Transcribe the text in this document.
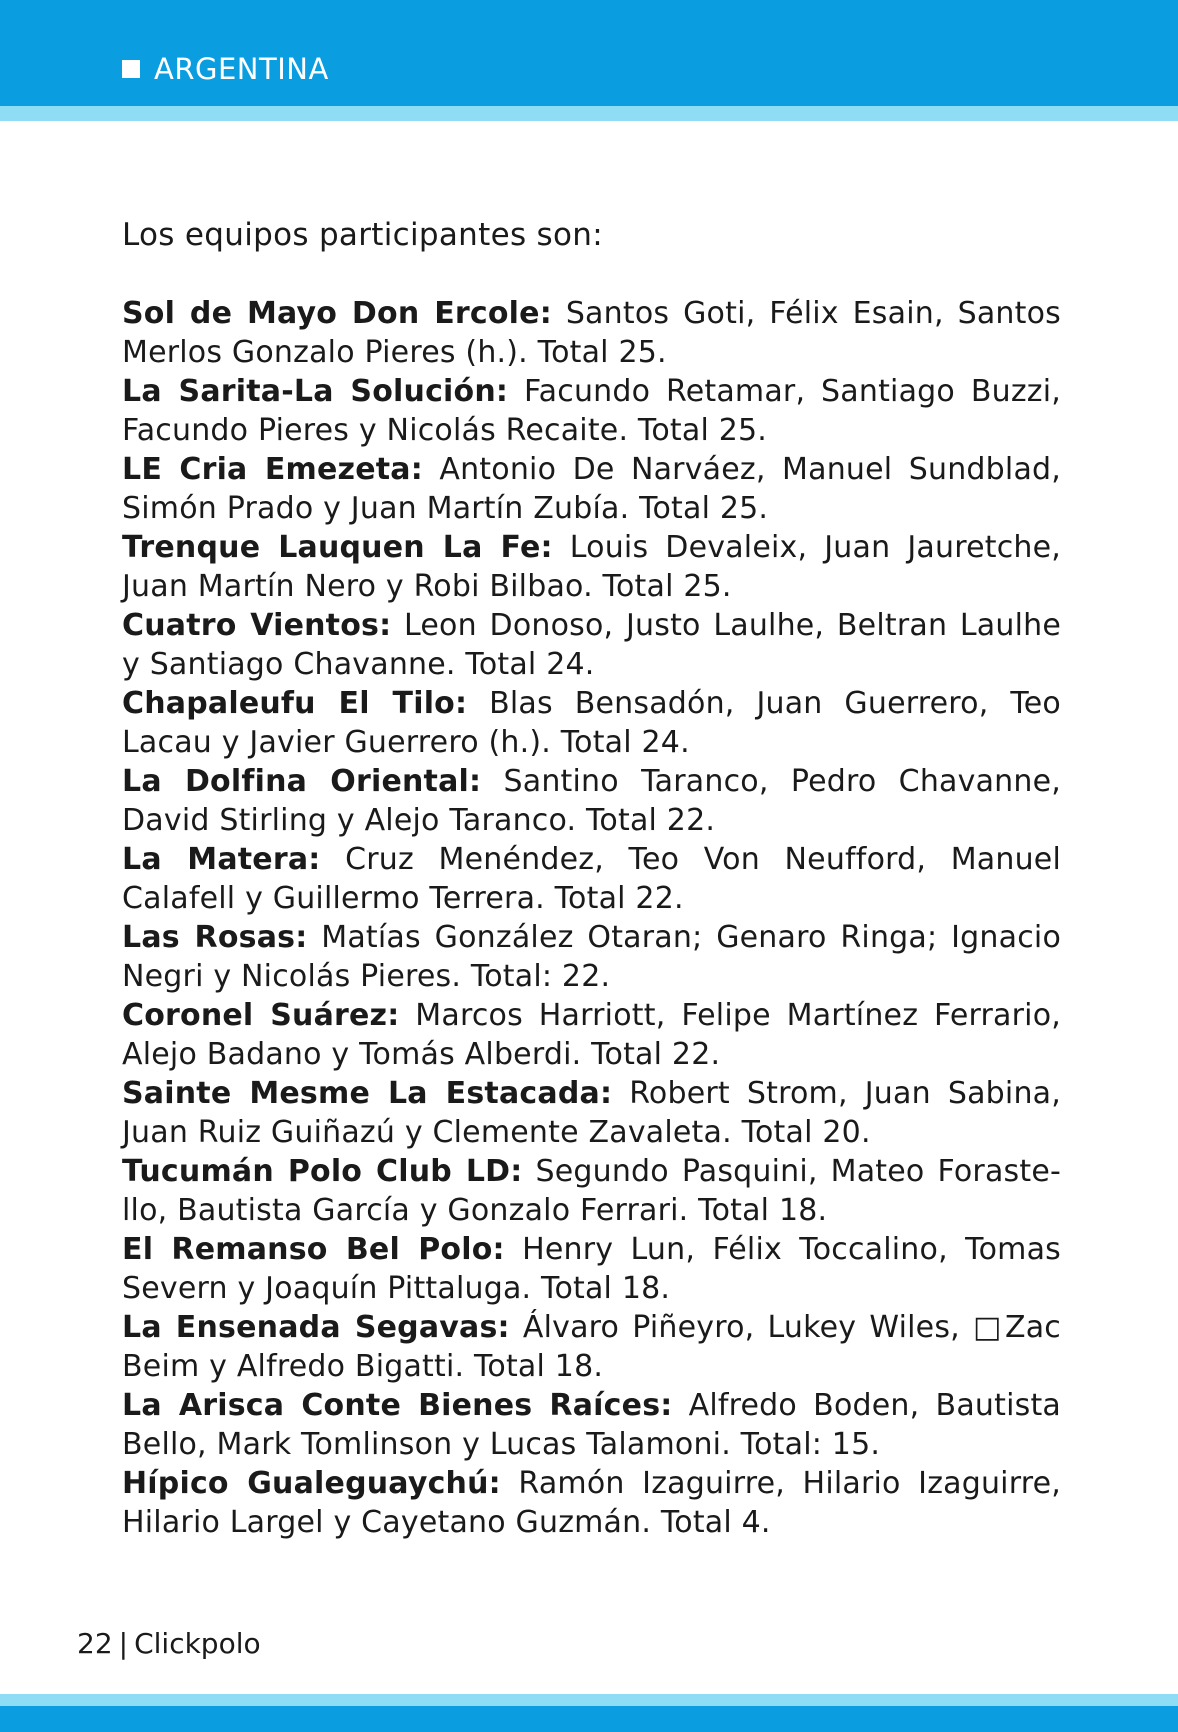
ARGENTINA

Los equipos participantes son:

Sol de Mayo Don Ercole: Santos Goti, Félix Esain, Santos Merlos Gonzalo Pieres (h.). Total 25.

La Sarita-La Solución: Facundo Retamar, Santiago Buzzi, Facundo Pieres y Nicolás Recaite. Total 25.

LE Cria Emezeta: Antonio De Narváez, Manuel Sundblad, Simón Prado y Juan Martín Zubía. Total 25.

Trenque Lauquen La Fe: Louis Devaleix, Juan Jauretche, Juan Martín Nero y Robi Bilbao. Total 25.

Cuatro Vientos: Leon Donoso, Justo Laulhe, Beltran Laulhe y Santiago Chavanne. Total 24.

Chapaleufu El Tilo: Blas Bensadón, Juan Guerrero, Teo Lacau y Javier Guerrero (h.). Total 24.

La Dolfina Oriental: Santino Taranco, Pedro Chavanne, David Stirling y Alejo Taranco. Total 22.

La Matera: Cruz Menéndez, Teo Von Neufford, Manuel Calafell y Guillermo Terrera. Total 22.

Las Rosas: Matías González Otaran; Genaro Ringa; Ignacio Negri y Nicolás Pieres. Total: 22.

Coronel Suárez: Marcos Harriott, Felipe Martínez Ferrario, Alejo Badano y Tomás Alberdi. Total 22.

Sainte Mesme La Estacada: Robert Strom, Juan Sabina, Juan Ruiz Guiñazú y Clemente Zavaleta. Total 20.

Tucumán Polo Club LD: Segundo Pasquini, Mateo Foraste-llo, Bautista García y Gonzalo Ferrari. Total 18.

El Remanso Bel Polo: Henry Lun, Félix Toccalino, Tomas Severn y Joaquín Pittaluga. Total 18.

La Ensenada Segavas: Álvaro Piñeyro, Lukey Wiles, □Zac Beim y Alfredo Bigatti. Total 18.

La Arisca Conte Bienes Raíces: Alfredo Boden, Bautista Bello, Mark Tomlinson y Lucas Talamoni. Total: 15.

Hípico Gualeguaychú: Ramón Izaguirre, Hilario Izaguirre, Hilario Largel y Cayetano Guzmán. Total 4.

22 | Clickpolo
